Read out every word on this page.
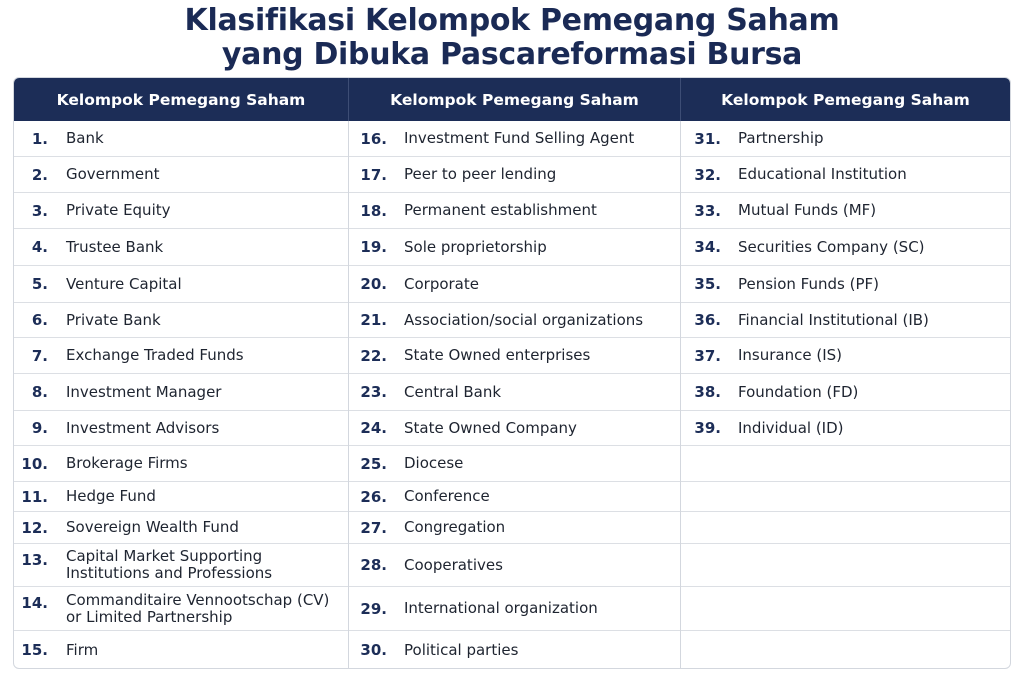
Klasifikasi Kelompok Pemegang Saham
yang Dibuka Pascareformasi Bursa
Kelompok Pemegang Saham	Kelompok Pemegang Saham	Kelompok Pemegang Saham
1. Bank
2. Government
3. Private Equity
4. Trustee Bank
5. Venture Capital
6. Private Bank
7. Exchange Traded Funds
8. Investment Manager
9. Investment Advisors
10. Brokerage Firms
11. Hedge Fund
12. Sovereign Wealth Fund
13. Capital Market Supporting
Institutions and Professions
14. Commanditaire Vennootschap (CV)
or Limited Partnership
15. Firm
16. Investment Fund Selling Agent
17. Peer to peer lending
18. Permanent establishment
19. Sole proprietorship
20. Corporate
21. Association/social organizations
22. State Owned enterprises
23. Central Bank
24. State Owned Company
25. Diocese
26. Conference
27. Congregation
28. Cooperatives
29. International organization
30. Political parties
31. Partnership
32. Educational Institution
33. Mutual Funds (MF)
34. Securities Company (SC)
35. Pension Funds (PF)
36. Financial Institutional (IB)
37. Insurance (IS)
38. Foundation (FD)
39. Individual (ID)
